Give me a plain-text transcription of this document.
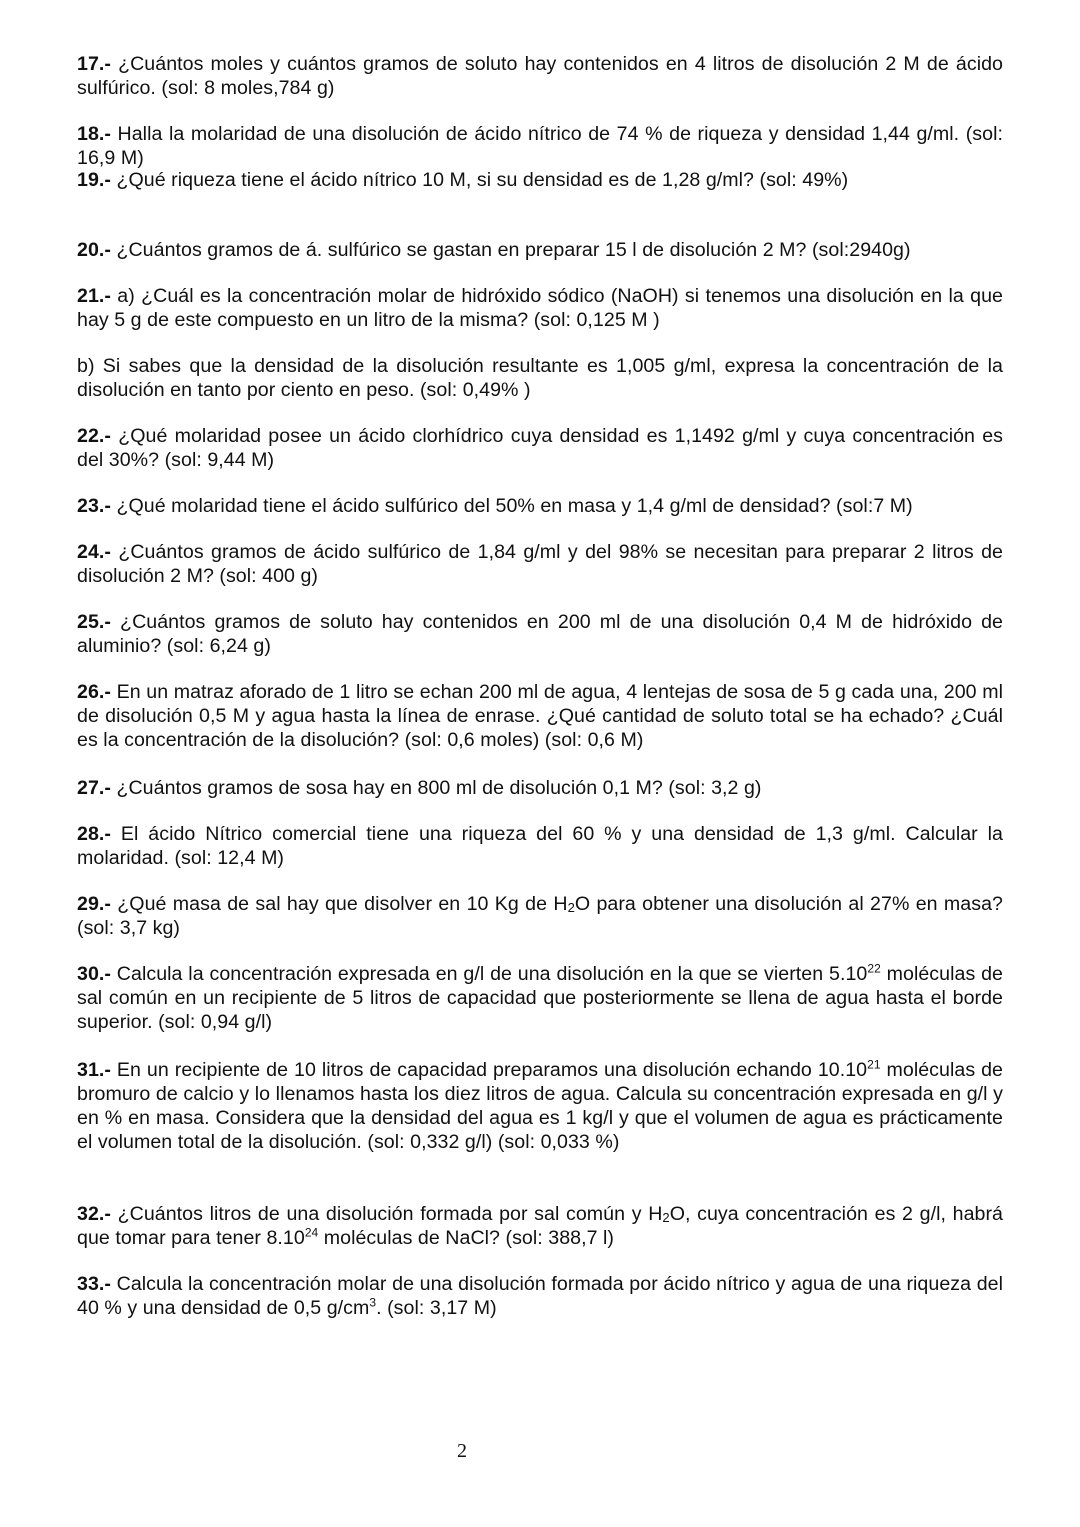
17.- ¿Cuántos moles y cuántos gramos de soluto hay contenidos en 4 litros de disolución 2 M de ácido sulfúrico. (sol: 8 moles,784 g)

18.- Halla la molaridad de una disolución de ácido nítrico de 74 % de riqueza y densidad 1,44 g/ml. (sol: 16,9 M)

19.- ¿Qué riqueza tiene el ácido nítrico 10 M, si su densidad es de 1,28 g/ml? (sol: 49%)

20.- ¿Cuántos gramos de á. sulfúrico se gastan en preparar 15 l de disolución 2 M? (sol:2940g)

21.- a) ¿Cuál es la concentración molar de hidróxido sódico (NaOH) si tenemos una disolución en la que hay 5 g de este compuesto en un litro de la misma? (sol: 0,125 M )

b) Si sabes que la densidad de la disolución resultante es 1,005 g/ml, expresa la concentración de la disolución en tanto por ciento en peso. (sol: 0,49% )

22.- ¿Qué molaridad posee un ácido clorhídrico cuya densidad es 1,1492 g/ml y cuya concentración es del 30%? (sol: 9,44 M)

23.- ¿Qué molaridad tiene el ácido sulfúrico del 50% en masa y 1,4 g/ml de densidad? (sol:7 M)

24.- ¿Cuántos gramos de ácido sulfúrico de 1,84 g/ml y del 98% se necesitan para preparar 2 litros de disolución 2 M? (sol: 400 g)

25.- ¿Cuántos gramos de soluto hay contenidos en 200 ml de una disolución 0,4 M de hidróxido de aluminio? (sol: 6,24 g)

26.- En un matraz aforado de 1 litro se echan 200 ml de agua, 4 lentejas de sosa de 5 g cada una, 200 ml de disolución 0,5 M y agua hasta la línea de enrase. ¿Qué cantidad de soluto total se ha echado? ¿Cuál es la concentración de la disolución? (sol: 0,6 moles) (sol: 0,6 M)

27.- ¿Cuántos gramos de sosa hay en 800 ml de disolución 0,1 M? (sol: 3,2 g)

28.- El ácido Nítrico comercial tiene una riqueza del 60 % y una densidad de 1,3 g/ml. Calcular la molaridad. (sol: 12,4 M)

29.- ¿Qué masa de sal hay que disolver en 10 Kg de $H_2O$ para obtener una disolución al 27% en masa? (sol: 3,7 kg)

30.- Calcula la concentración expresada en g/l de una disolución en la que se vierten 5.10$^{22}$ moléculas de sal común en un recipiente de 5 litros de capacidad que posteriormente se llena de agua hasta el borde superior. (sol: 0,94 g/l)

31.- En un recipiente de 10 litros de capacidad preparamos una disolución echando 10.10$^{21}$ moléculas de bromuro de calcio y lo llenamos hasta los diez litros de agua. Calcula su concentración expresada en g/l y en % en masa. Considera que la densidad del agua es 1 kg/l y que el volumen de agua es prácticamente el volumen total de la disolución. (sol: 0,332 g/l) (sol: 0,033 %)

32.- ¿Cuántos litros de una disolución formada por sal común y $H_2O$, cuya concentración es 2 g/l, habrá que tomar para tener 8.10$^{24}$ moléculas de NaCl? (sol: 388,7 l)

33.- Calcula la concentración molar de una disolución formada por ácido nítrico y agua de una riqueza del 40 % y una densidad de 0,5 $g/cm^3$. (sol: 3,17 M)

2
